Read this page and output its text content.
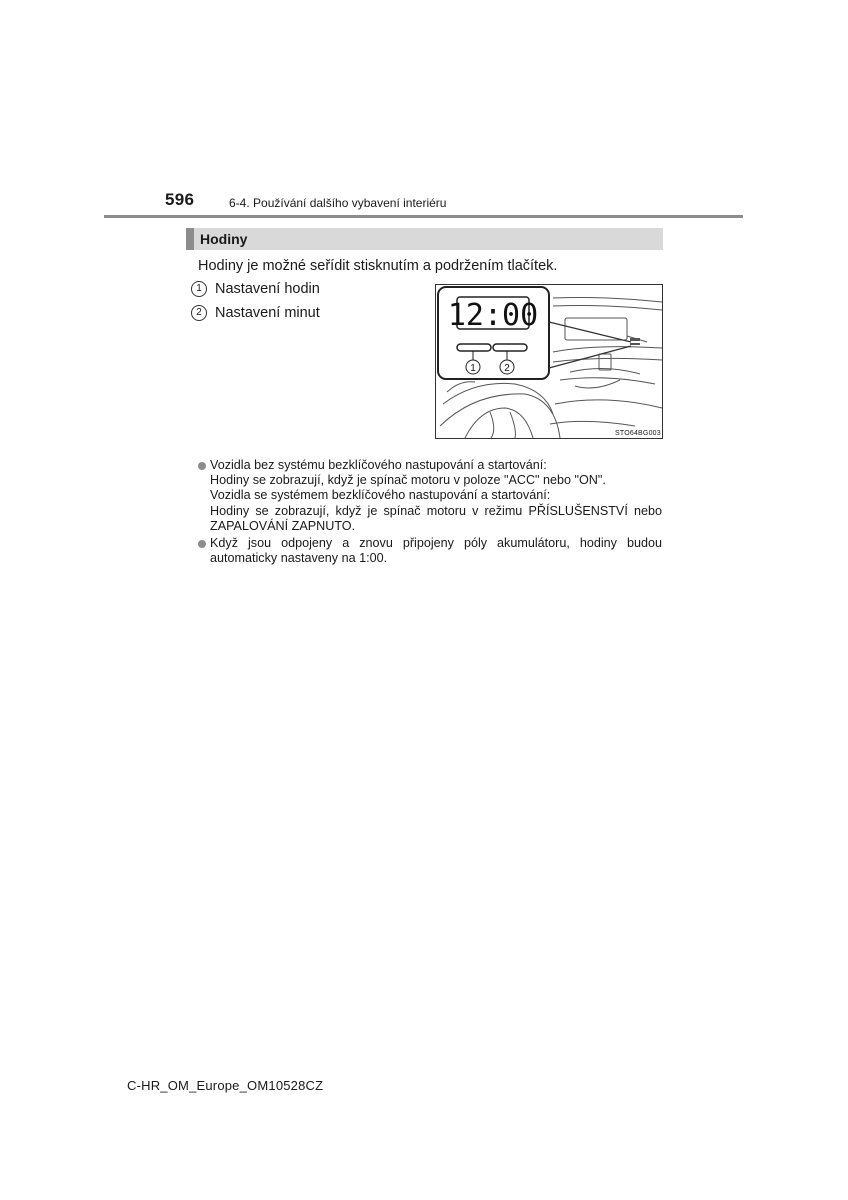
596	6-4. Používání dalšího vybavení interiéru
Hodiny
Hodiny je možné seřídit stisknutím a podržením tlačítek.
1 Nastavení hodin
2 Nastavení minut	12:00
1	2
STO64BG003
Vozidla bez systému bezklíčového nastupování a startování:
Hodiny se zobrazují, když je spínač motoru v poloze "ACC" nebo "ON".
Vozidla se systémem bezklíčového nastupování a startování:
Hodiny se zobrazují, když je spínač motoru v režimu PŘÍSLUŠENSTVÍ nebo ZAPALOVÁNÍ ZAPNUTO.
Když jsou odpojeny a znovu připojeny póly akumulátoru, hodiny budou automaticky nastaveny na 1:00.
C-HR_OM_Europe_OM10528CZ
